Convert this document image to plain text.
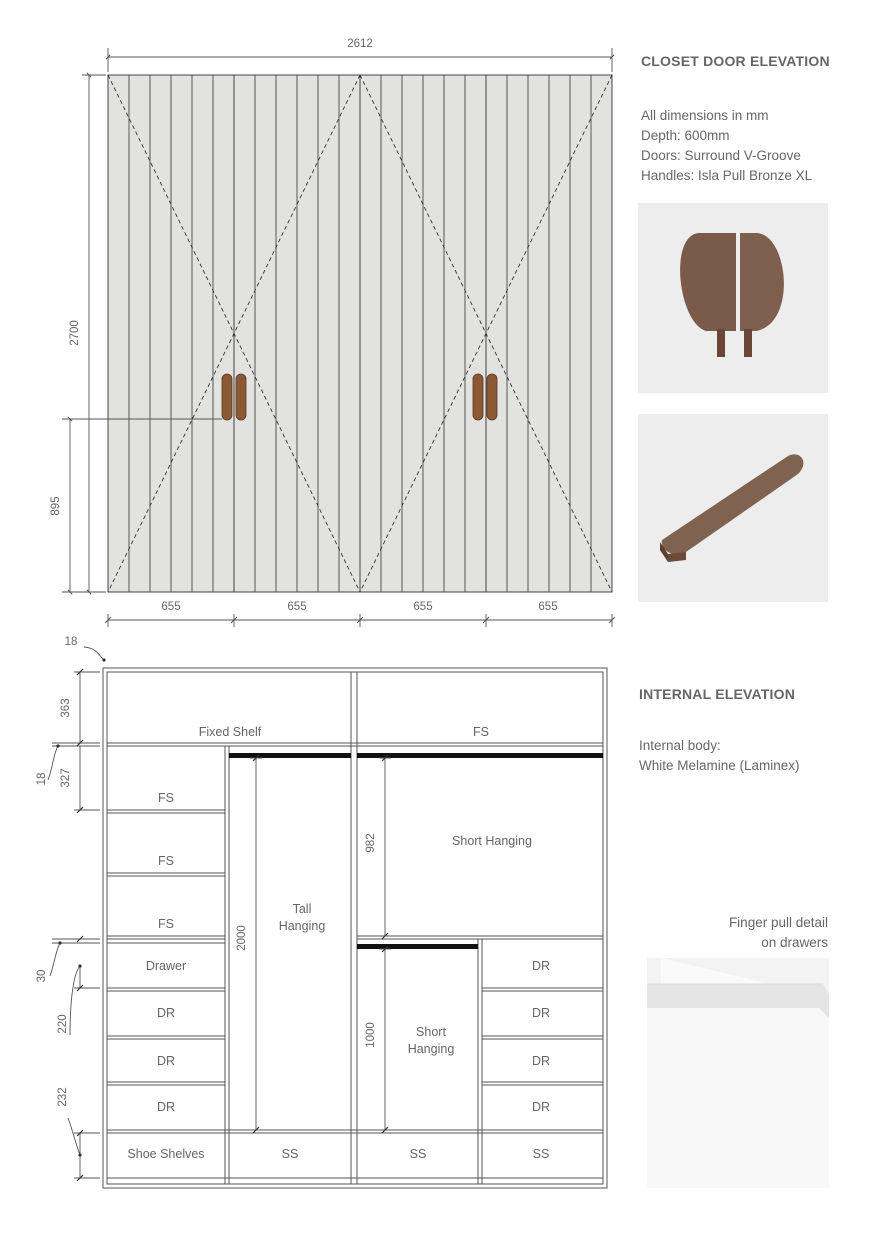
2612
2700
895
655	655	655	655
18
363
18 327
30
220
232
2000
982
1000
Fixed Shelf	FS
FS
FS
FS
Tall
Hanging
Short Hanging
Short
Hanging
Drawer
DR
DR
DR
DR
DR
DR
DR
Shoe Shelves	SS	SS	SS
CLOSET DOOR ELEVATION
All dimensions in mm
Depth: 600mm
Doors: Surround V-Groove
Handles: Isla Pull Bronze XL
INTERNAL ELEVATION
Internal body:
White Melamine (Laminex)
Finger pull detail
on drawers
